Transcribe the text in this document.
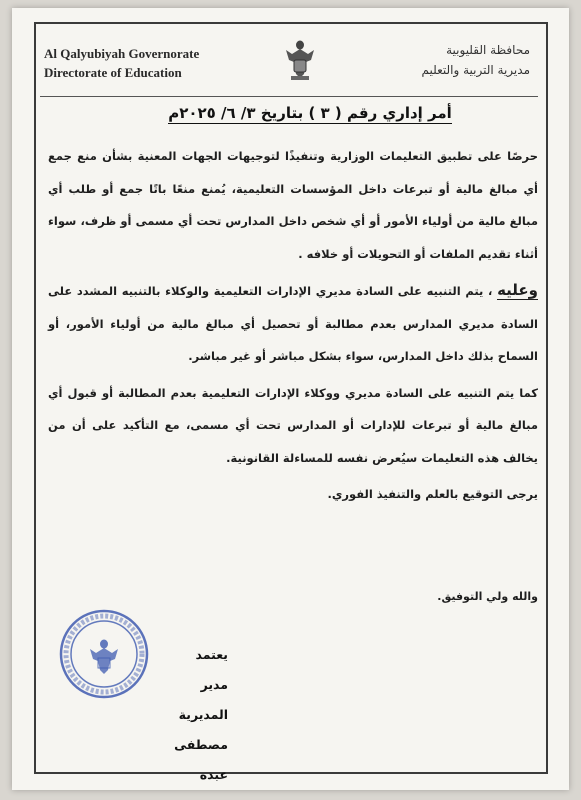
Al Qalyubiyah Governorate
Directorate of Education
محافظة القليوبية
مديرية التربية والتعليم
أمر إداري رقم ( ٣ ) بتاريخ ٣/ ٦/ ٢٠٢٥م

حرصًا على تطبيق التعليمات الوزارية وتنفيذًا لتوجيهات الجهات المعنية بشأن منع جمع أي مبالغ مالية أو تبرعات داخل المؤسسات التعليمية، يُمنع منعًا باتًا جمع أو طلب أي مبالغ مالية من أولياء الأمور أو أي شخص داخل المدارس تحت أي مسمى أو ظرف، سواء أثناء تقديم الملفات أو التحويلات أو خلافه .

وعليه ، يتم التنبيه على السادة مديري الإدارات التعليمية والوكلاء بالتنبيه المشدد على السادة مديري المدارس بعدم مطالبة أو تحصيل أي مبالغ مالية من أولياء الأمور، أو السماح بذلك داخل المدارس، سواء بشكل مباشر أو غير مباشر.

كما يتم التنبيه على السادة مديري ووكلاء الإدارات التعليمية بعدم المطالبة أو قبول أي مبالغ مالية أو تبرعات للإدارات أو المدارس تحت أي مسمى، مع التأكيد على أن من يخالف هذه التعليمات سيُعرض نفسه للمساءلة القانونية.

يرجى التوقيع بالعلم والتنفيذ الفوري.

والله ولي التوفيق.
يعتمد
مدير المديرية
مصطفى عبده
